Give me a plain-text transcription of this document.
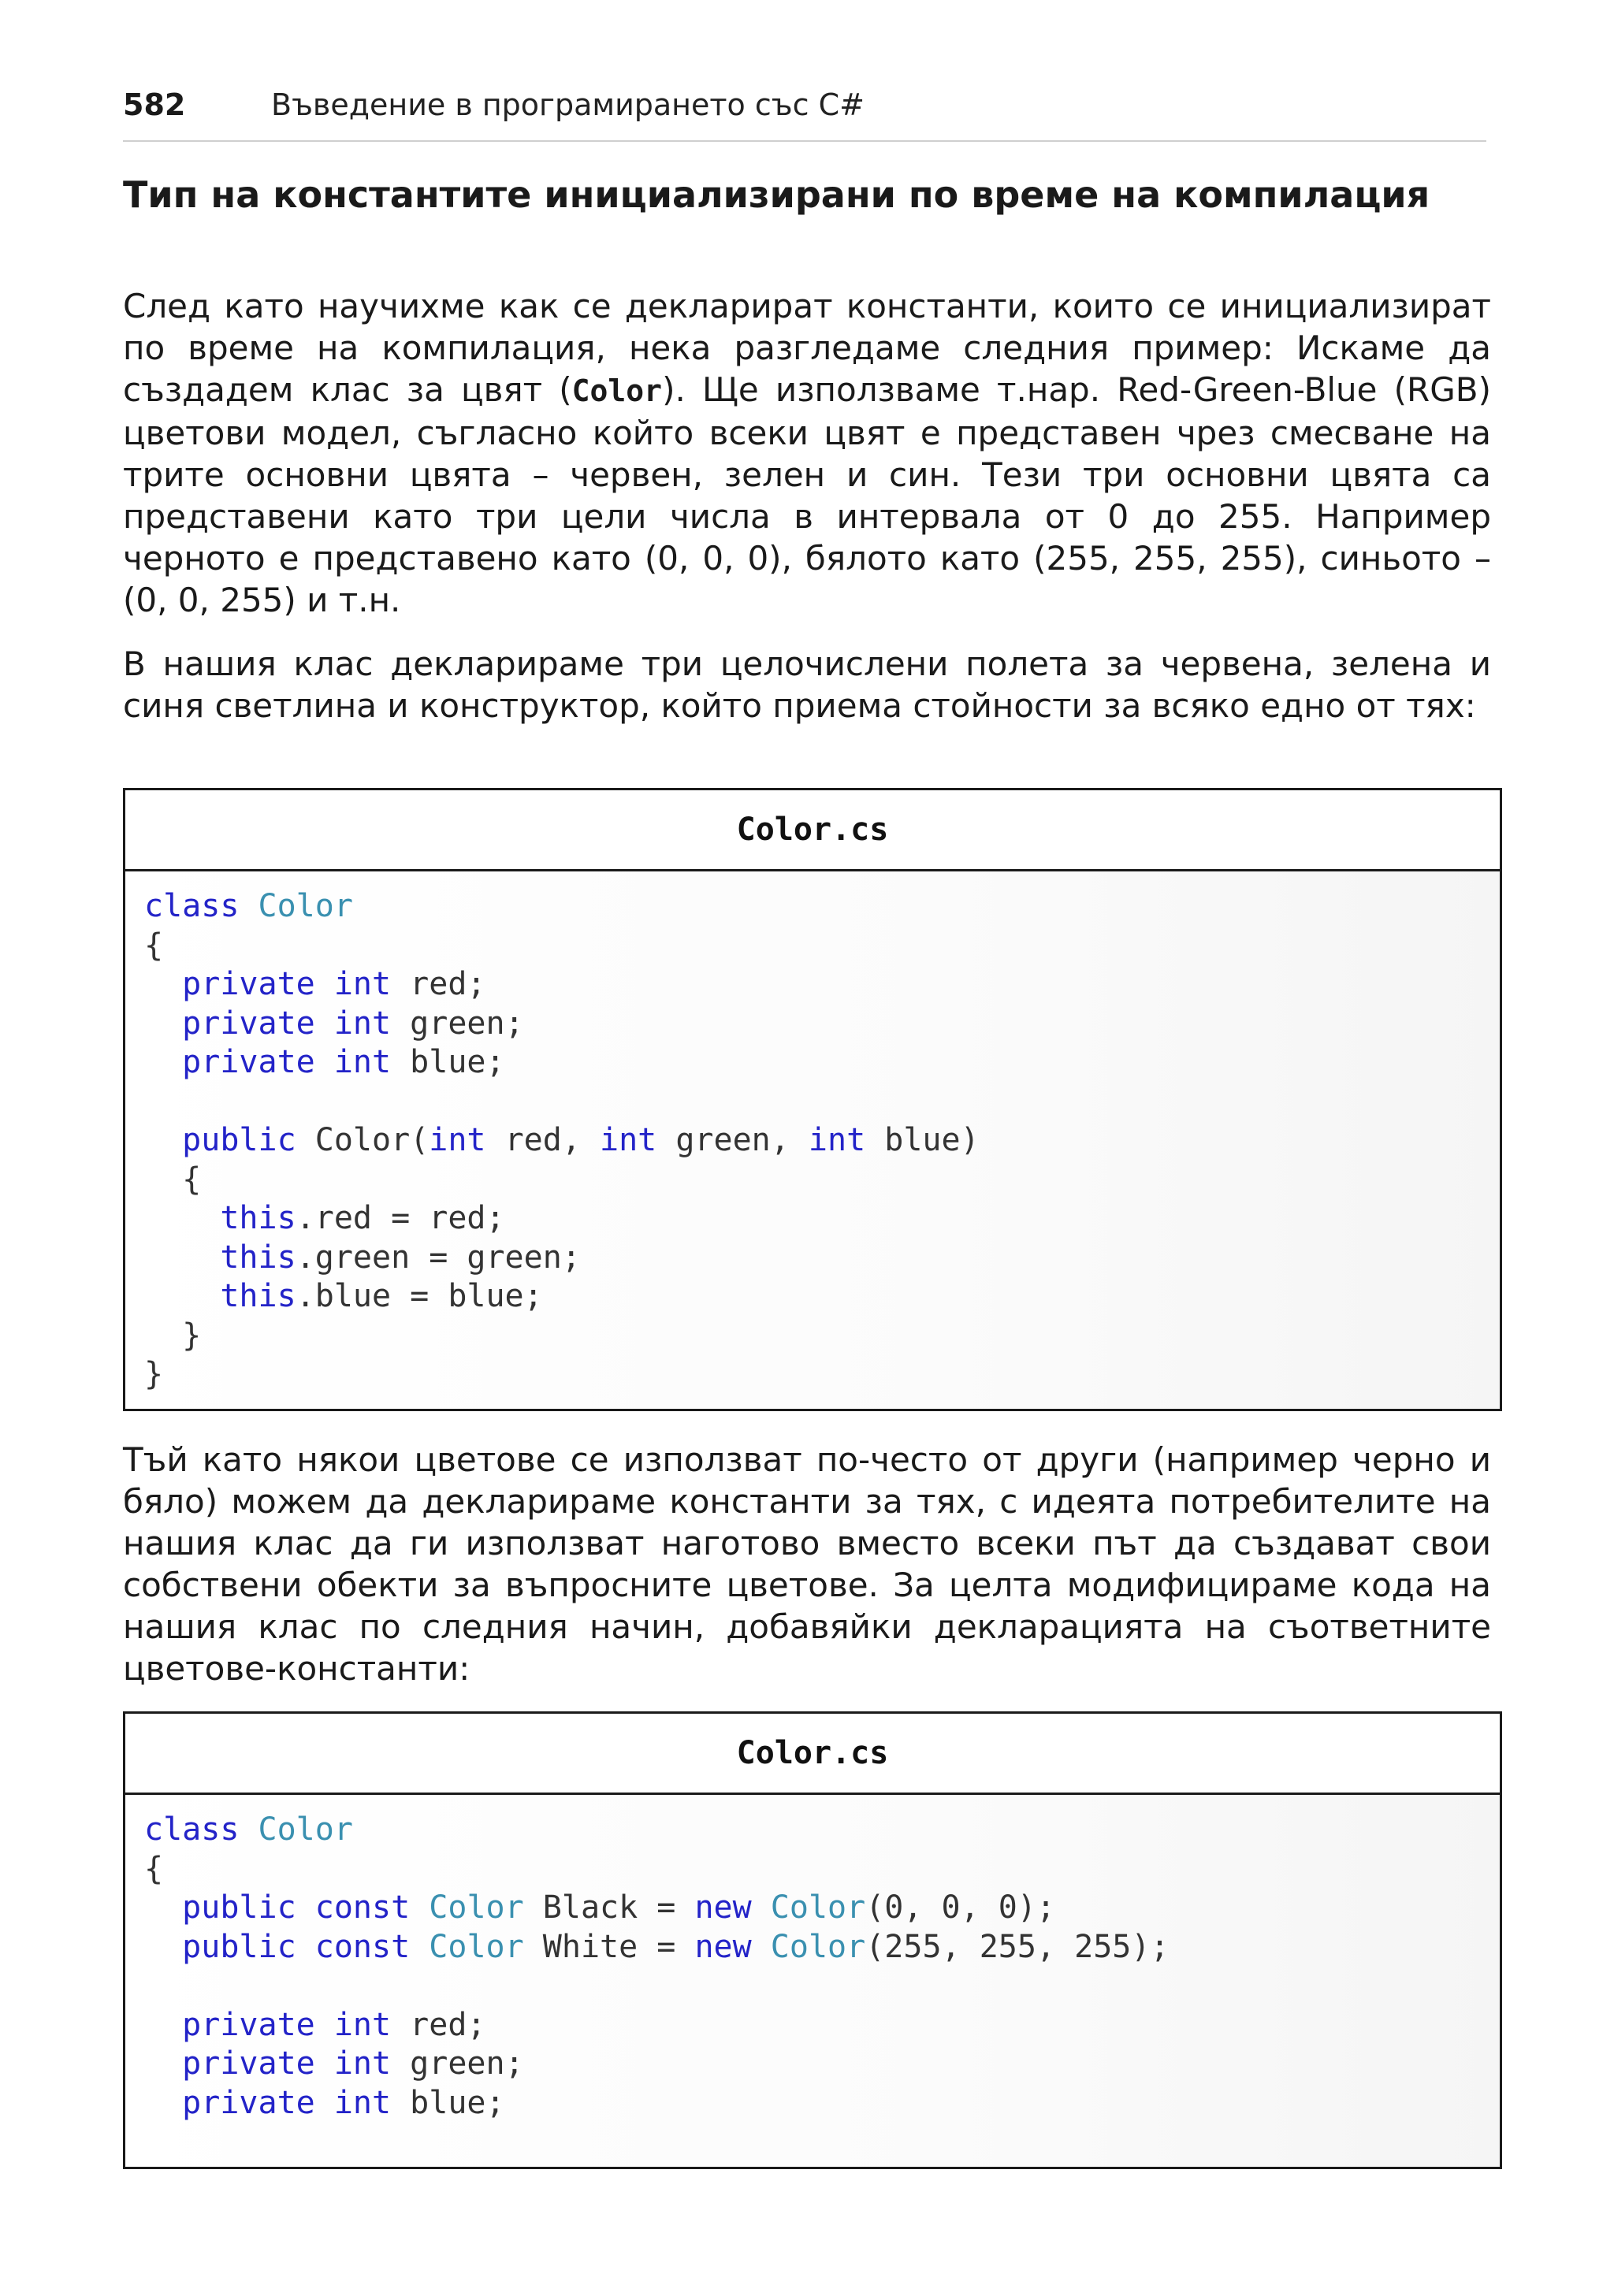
582	Въведение в програмирането със C#
Тип на константите инициализирани по време на компилация

След като научихме как се декларират константи, които се инициализират по време на компилация, нека разгледаме следния пример: Искаме да създадем клас за цвят (Color). Ще използваме т.нар. Red-Green-Blue (RGB) цветови модел, съгласно който всеки цвят е представен чрез смесване на трите основни цвята – червен, зелен и син. Тези три основни цвята са представени като три цели числа в интервала от 0 до 255. Например черното е представено като (0, 0, 0), бялото като (255, 255, 255), синьото – (0, 0, 255) и т.н.

В нашия клас декларираме три целочислени полета за червена, зелена и синя светлина и конструктор, който приема стойности за всяко едно от тях:

Color.cs
class Color
{
private int red;
private int green;
private int blue;

public Color(int red, int green, int blue)
{
this.red = red;
this.green = green;
this.blue = blue;
}
}

Тъй като някои цветове се използват по-често от други (например черно и бяло) можем да декларираме константи за тях, с идеята потребителите на нашия клас да ги използват наготово вместо всеки път да създават свои собствени обекти за въпросните цветове. За целта модифицираме кода на нашия клас по следния начин, добавяйки декларацията на съответните цветове-константи:

Color.cs
class Color
{
public const Color Black = new Color(0, 0, 0);
public const Color White = new Color(255, 255, 255);

private int red;
private int green;
private int blue;
